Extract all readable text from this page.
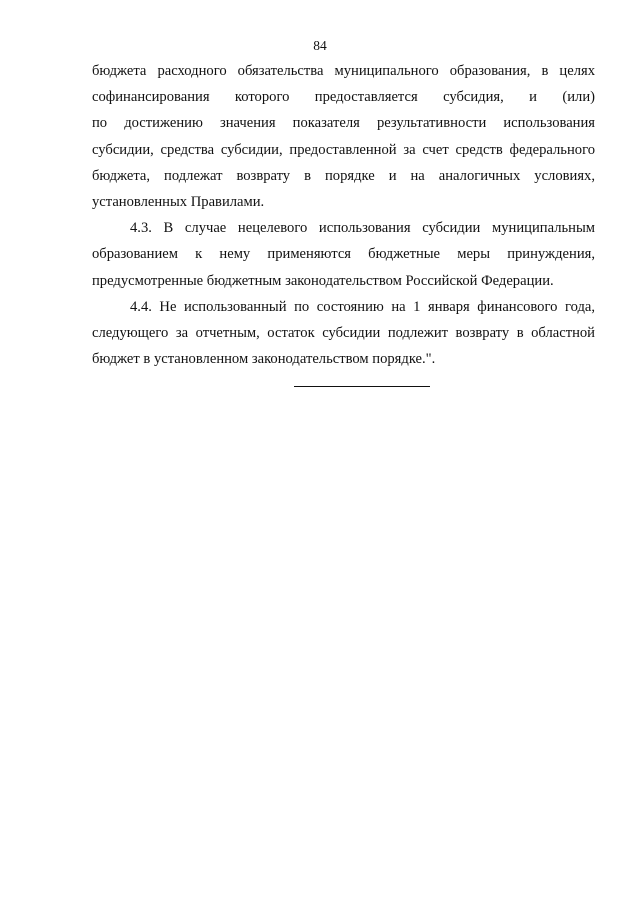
84

бюджета расходного обязательства муниципального образования, в целях
софинансирования которого предоставляется субсидия, и (или)
по достижению значения показателя результативности использования
субсидии, средства субсидии, предоставленной за счет средств федерального
бюджета, подлежат возврату в порядке и на аналогичных условиях,
установленных Правилами.

4.3. В случае нецелевого использования субсидии муниципальным
образованием к нему применяются бюджетные меры принуждения,
предусмотренные бюджетным законодательством Российской Федерации.

4.4. Не использованный по состоянию на 1 января финансового года,
следующего за отчетным, остаток субсидии подлежит возврату в областной
бюджет в установленном законодательством порядке.".
